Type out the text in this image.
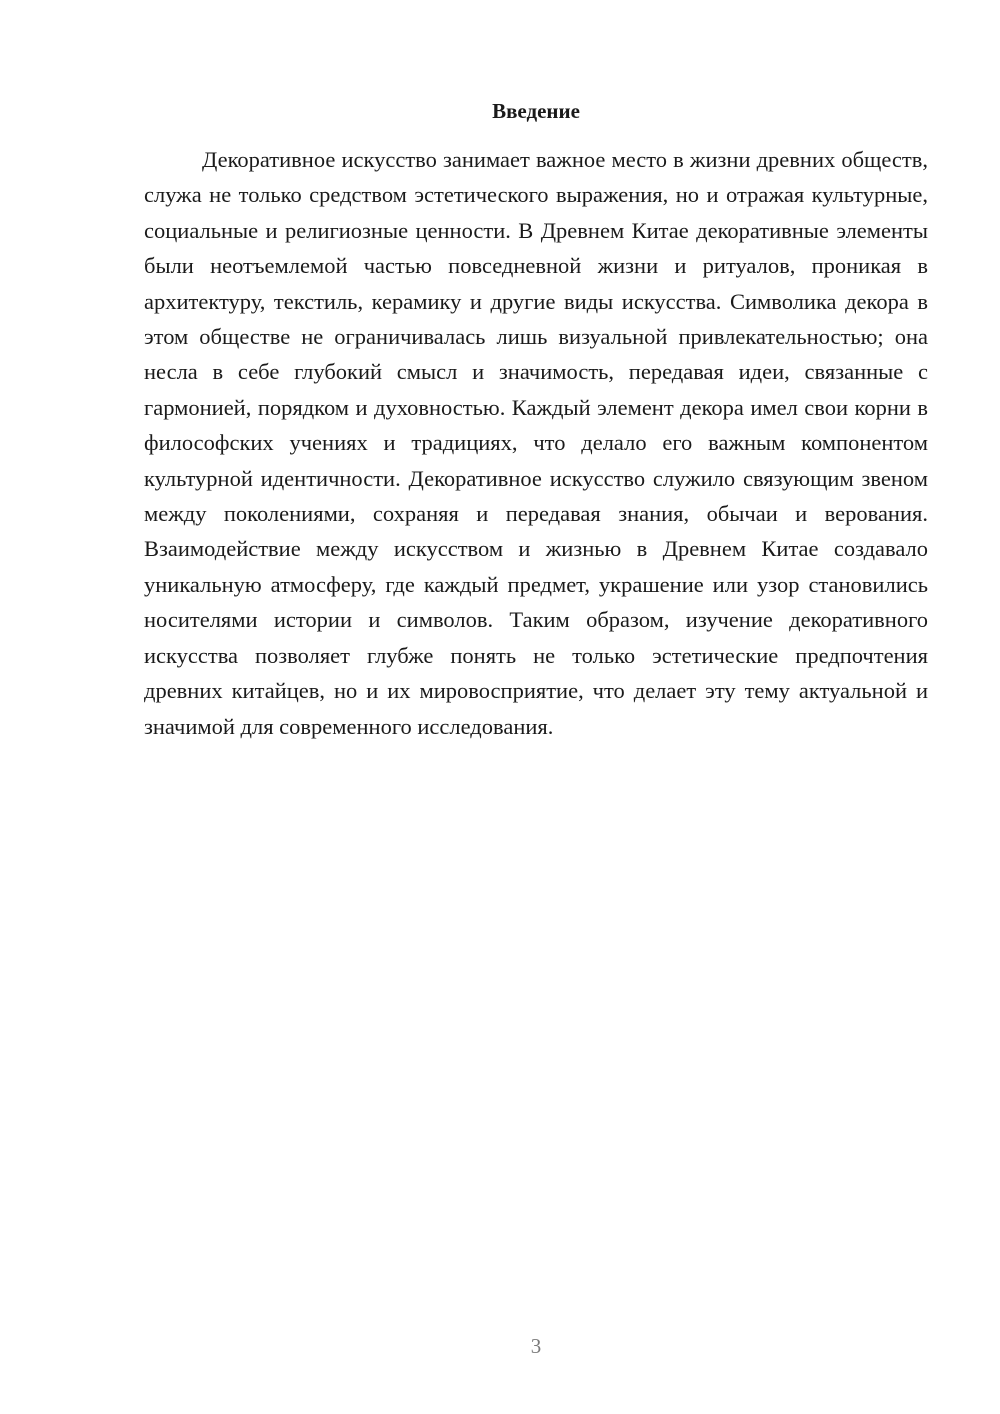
Введение

Декоративное искусство занимает важное место в жизни древних обществ, служа не только средством эстетического выражения, но и отражая культурные, социальные и религиозные ценности. В Древнем Китае декоративные элементы были неотъемлемой частью повседневной жизни и ритуалов, проникая в архитектуру, текстиль, керамику и другие виды искусства. Символика декора в этом обществе не ограничивалась лишь визуальной привлекательностью; она несла в себе глубокий смысл и значимость, передавая идеи, связанные с гармонией, порядком и духовностью. Каждый элемент декора имел свои корни в философских учениях и традициях, что делало его важным компонентом культурной идентичности. Декоративное искусство служило связующим звеном между поколениями, сохраняя и передавая знания, обычаи и верования. Взаимодействие между искусством и жизнью в Древнем Китае создавало уникальную атмосферу, где каждый предмет, украшение или узор становились носителями истории и символов. Таким образом, изучение декоративного искусства позволяет глубже понять не только эстетические предпочтения древних китайцев, но и их мировосприятие, что делает эту тему актуальной и значимой для современного исследования.

3
